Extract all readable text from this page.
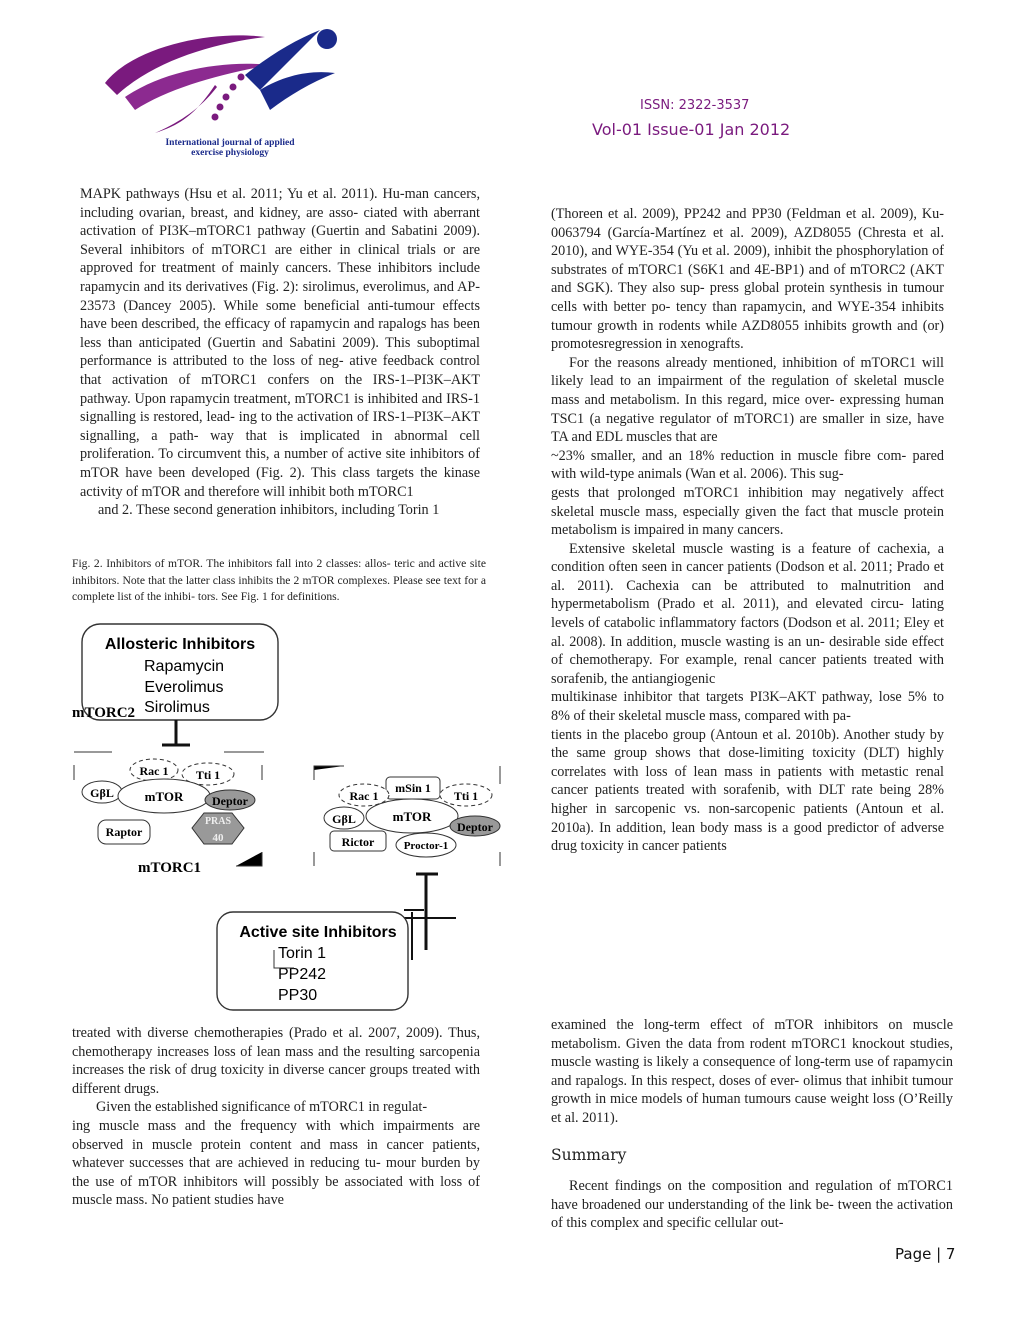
International journal of applied
exercise physiology
ISSN: 2322-3537
Vol-01 Issue-01 Jan 2012

MAPK pathways (Hsu et al. 2011; Yu et al. 2011). Hu-man cancers, including ovarian, breast, and kidney, are asso- ciated with aberrant activation of PI3K–mTORC1 pathway (Guertin and Sabatini 2009). Several inhibitors of mTORC1 are either in clinical trials or are approved for treatment of mainly cancers. These inhibitors include rapamycin and its derivatives (Fig. 2): sirolimus, everolimus, and AP-23573 (Dancey 2005). While some beneficial anti-tumour effects have been described, the efficacy of rapamycin and rapalogs has been less than anticipated (Guertin and Sabatini 2009). This suboptimal performance is attributed to the loss of neg- ative feedback control that activation of mTORC1 confers on the IRS-1–PI3K–AKT pathway. Upon rapamycin treatment, mTORC1 is inhibited and IRS-1 signalling is restored, lead- ing to the activation of IRS-1–PI3K–AKT signalling, a path- way that is implicated in abnormal cell proliferation. To circumvent this, a number of active site inhibitors of mTOR have been developed (Fig. 2). This class targets the kinase activity of mTOR and therefore will inhibit both mTORC1

and 2. These second generation inhibitors, including Torin 1

Fig. 2. Inhibitors of mTOR. The inhibitors fall into 2 classes: allos- teric and active site inhibitors. Note that the latter class inhibits the 2 mTOR complexes. Please see text for a complete list of the inhibi- tors. See Fig. 1 for definitions.
Allosteric Inhibitors
Rapamycin
Everolimus
Sirolimus
mTORC2
Rac 1 Tti 1
GβL mTOR Deptor
PRAS
40
Raptor
mTORC1
mSin 1
Rac 1	Tti 1
GβL	mTOR
Deptor
Rictor	Proctor-1
Active site Inhibitors
Torin 1
PP242
PP30

treated with diverse chemotherapies (Prado et al. 2007, 2009). Thus, chemotherapy increases loss of lean mass and the resulting sarcopenia increases the risk of drug toxicity in diverse cancer groups treated with different drugs.

Given the established significance of mTORC1 in regulat-

ing muscle mass and the frequency with which impairments are observed in muscle protein content and mass in cancer patients, whatever successes that are achieved in reducing tu- mour burden by the use of mTOR inhibitors will possibly be associated with loss of muscle mass. No patient studies have

(Thoreen et al. 2009), PP242 and PP30 (Feldman et al. 2009), Ku-0063794 (García-Martínez et al. 2009), AZD8055 (Chresta et al. 2010), and WYE-354 (Yu et al. 2009), inhibit the phosphorylation of substrates of mTORC1 (S6K1 and 4E-BP1) and of mTORC2 (AKT and SGK). They also sup- press global protein synthesis in tumour cells with better po- tency than rapamycin, and WYE-354 inhibits tumour growth in rodents while AZD8055 inhibits growth and (or) promotesregression in xenografts.

For the reasons already mentioned, inhibition of mTORC1 will likely lead to an impairment of the regulation of skeletal muscle mass and metabolism. In this regard, mice over- expressing human TSC1 (a negative regulator of mTORC1) are smaller in size, have TA and EDL muscles that are

~23% smaller, and an 18% reduction in muscle fibre com- pared with wild-type animals (Wan et al. 2006). This sug-

gests that prolonged mTORC1 inhibition may negatively affect skeletal muscle mass, especially given the fact that muscle protein metabolism is impaired in many cancers.

Extensive skeletal muscle wasting is a feature of cachexia, a condition often seen in cancer patients (Dodson et al. 2011; Prado et al. 2011). Cachexia can be attributed to malnutrition and hypermetabolism (Prado et al. 2011), and elevated circu- lating levels of catabolic inflammatory factors (Dodson et al. 2011; Eley et al. 2008). In addition, muscle wasting is an un- desirable side effect of chemotherapy. For example, renal cancer patients treated with sorafenib, the antiangiogenic

multikinase inhibitor that targets PI3K–AKT pathway, lose 5% to 8% of their skeletal muscle mass, compared with pa-

tients in the placebo group (Antoun et al. 2010b). Another study by the same group shows that dose-limiting toxicity (DLT) highly correlates with loss of lean mass in patients with metastic renal cancer patients treated with sorafenib, with DLT rate being 28% higher in sarcopenic vs. non-sarcopenic patients (Antoun et al. 2010a). In addition, lean body mass is a good predictor of adverse drug toxicity in cancer patients

examined the long-term effect of mTOR inhibitors on muscle metabolism. Given the data from rodent mTORC1 knockout studies, muscle wasting is likely a consequence of long-term use of rapamycin and rapalogs. In this respect, doses of ever- olimus that inhibit tumour growth in mice models of human tumours cause weight loss (O’Reilly et al. 2011).
Summary
Recent findings on the composition and regulation of mTORC1 have broadened our understanding of the link be- tween the activation of this complex and specific cellular out-
Page | 7
